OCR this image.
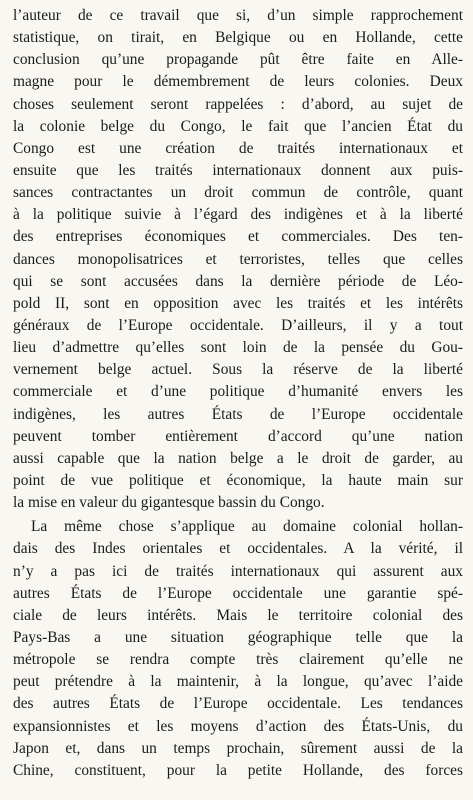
l’auteur de ce travail que si, d’un simple rapprochement
statistique, on tirait, en Belgique ou en Hollande, cette
conclusion qu’une propagande pût être faite en Alle-
magne pour le démembrement de leurs colonies. Deux
choses seulement seront rappelées : d’abord, au sujet de
la colonie belge du Congo, le fait que l’ancien État du
Congo est une création de traités internationaux et
ensuite que les traités internationaux donnent aux puis-
sances contractantes un droit commun de contrôle, quant
à la politique suivie à l’égard des indigènes et à la liberté
des entreprises économiques et commerciales. Des ten-
dances monopolisatrices et terroristes, telles que celles
qui se sont accusées dans la dernière période de Léo-
pold II, sont en opposition avec les traités et les intérêts
généraux de l’Europe occidentale. D’ailleurs, il y a tout
lieu d’admettre qu’elles sont loin de la pensée du Gou-
vernement belge actuel. Sous la réserve de la liberté
commerciale et d’une politique d’humanité envers les
indigènes, les autres États de l’Europe occidentale
peuvent tomber entièrement d’accord qu’une nation
aussi capable que la nation belge a le droit de garder, au
point de vue politique et économique, la haute main sur
la mise en valeur du gigantesque bassin du Congo.
La même chose s’applique au domaine colonial hollan-
dais des Indes orientales et occidentales. A la vérité, il
n’y a pas ici de traités internationaux qui assurent aux
autres États de l’Europe occidentale une garantie spé-
ciale de leurs intérêts. Mais le territoire colonial des
Pays-Bas a une situation géographique telle que la
métropole se rendra compte très clairement qu’elle ne
peut prétendre à la maintenir, à la longue, qu’avec l’aide
des autres États de l’Europe occidentale. Les tendances
expansionnistes et les moyens d’action des États-Unis, du
Japon et, dans un temps prochain, sûrement aussi de la
Chine, constituent, pour la petite Hollande, des forces
